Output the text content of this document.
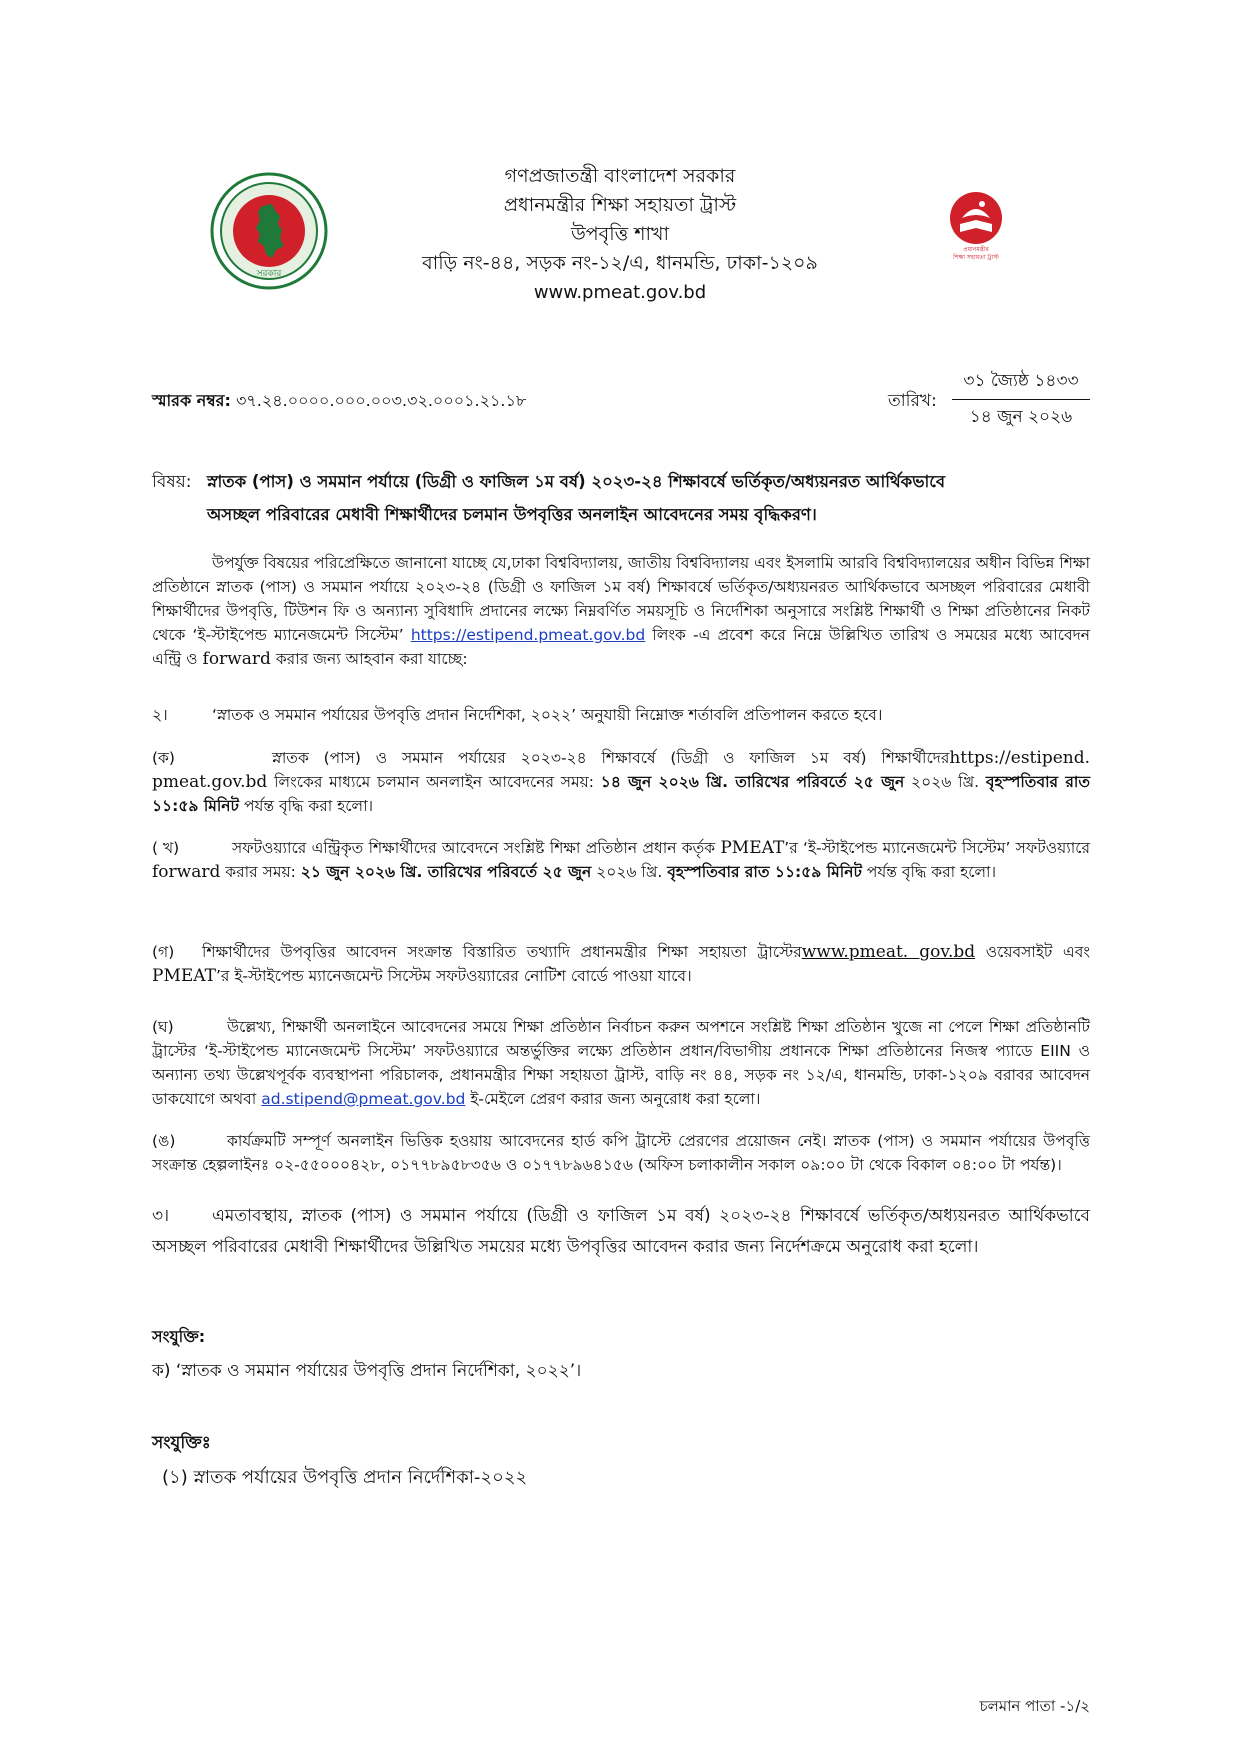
সরকার
প্রধানমন্ত্রীর
শিক্ষা সহায়তা ট্রাস্ট
গণপ্রজাতন্ত্রী বাংলাদেশ সরকার
প্রধানমন্ত্রীর শিক্ষা সহায়তা ট্রাস্ট
উপবৃত্তি শাখা
বাড়ি নং-৪৪, সড়ক নং-১২/এ, ধানমন্ডি, ঢাকা-১২০৯
www.pmeat.gov.bd
স্মারক নম্বর: ৩৭.২৪.০০০০.০০০.০০৩.৩২.০০০১.২১.১৮	তারিখ:
৩১ জ্যৈষ্ঠ ১৪৩৩
১৪ জুন ২০২৬
বিষয়: স্নাতক (পাস) ও সমমান পর্যায়ে (ডিগ্রী ও ফাজিল ১ম বর্ষ) ২০২৩-২৪ শিক্ষাবর্ষে ভর্তিকৃত/অধ্যয়নরত আর্থিকভাবে
অসচ্ছল পরিবারের মেধাবী শিক্ষার্থীদের চলমান উপবৃত্তির অনলাইন আবেদনের সময় বৃদ্ধিকরণ।
উপর্যুক্ত বিষয়ের পরিপ্রেক্ষিতে জানানো যাচ্ছে যে,ঢাকা বিশ্ববিদ্যালয়, জাতীয় বিশ্ববিদ্যালয় এবং ইসলামি আরবি বিশ্ববিদ্যালয়ের অধীন বিভিন্ন শিক্ষা প্রতিষ্ঠানে স্নাতক (পাস) ও সমমান পর্যায়ে ২০২৩-২৪ (ডিগ্রী ও ফাজিল ১ম বর্ষ) শিক্ষাবর্ষে ভর্তিকৃত/অধ্যয়নরত আর্থিকভাবে অসচ্ছল পরিবারের মেধাবী শিক্ষার্থীদের উপবৃত্তি, টিউশন ফি ও অন্যান্য সুবিধাদি প্রদানের লক্ষ্যে নিম্নবর্ণিত সময়সূচি ও নির্দেশিকা অনুসারে সংশ্লিষ্ট শিক্ষার্থী ও শিক্ষা প্রতিষ্ঠানের নিকট থেকে ‘ই-স্টাইপেন্ড ম্যানেজমেন্ট সিস্টেম’ https://estipend.pmeat.gov.bd লিংক -এ প্রবেশ করে নিম্নে উল্লিখিত তারিখ ও সময়ের মধ্যে আবেদন এন্ট্রি ও forward করার জন্য আহবান করা যাচ্ছে:
২।	‘স্নাতক ও সমমান পর্যায়ের উপবৃত্তি প্রদান নির্দেশিকা, ২০২২’ অনুযায়ী নিম্নোক্ত শর্তাবলি প্রতিপালন করতে হবে।
(ক)	স্নাতক (পাস) ও সমমান পর্যায়ের ২০২৩-২৪ শিক্ষাবর্ষে (ডিগ্রী ও ফাজিল ১ম বর্ষ) শিক্ষার্থীদেরhttps://estipend. pmeat.gov.bd লিংকের মাধ্যমে চলমান অনলাইন আবেদনের সময়: ১৪ জুন ২০২৬ খ্রি. তারিখের পরিবর্তে ২৫ জুন ২০২৬ খ্রি. বৃহস্পতিবার রাত ১১:৫৯ মিনিট পর্যন্ত বৃদ্ধি করা হলো।
( খ)	সফটওয়্যারে এন্ট্রিকৃত শিক্ষার্থীদের আবেদনে সংশ্লিষ্ট শিক্ষা প্রতিষ্ঠান প্রধান কর্তৃক PMEAT’র ‘ই-স্টাইপেন্ড ম্যানেজমেন্ট সিস্টেম’ সফটওয়্যারে forward করার সময়: ২১ জুন ২০২৬ খ্রি. তারিখের পরিবর্তে ২৫ জুন ২০২৬ খ্রি. বৃহস্পতিবার রাত ১১:৫৯ মিনিট পর্যন্ত বৃদ্ধি করা হলো।
(গ) শিক্ষার্থীদের উপবৃত্তির আবেদন সংক্রান্ত বিস্তারিত তথ্যাদি প্রধানমন্ত্রীর শিক্ষা সহায়তা ট্রাস্টেরwww.pmeat. gov.bd ওয়েবসাইট এবং PMEAT’র ই-স্টাইপেন্ড ম্যানেজমেন্ট সিস্টেম সফটওয়্যারের নোটিশ বোর্ডে পাওয়া যাবে।
(ঘ)	উল্লেখ্য, শিক্ষার্থী অনলাইনে আবেদনের সময়ে শিক্ষা প্রতিষ্ঠান নির্বাচন করুন অপশনে সংশ্লিষ্ট শিক্ষা প্রতিষ্ঠান খুজে না পেলে শিক্ষা প্রতিষ্ঠানটি ট্রাস্টের ‘ই-স্টাইপেন্ড ম্যানেজমেন্ট সিস্টেম’ সফটওয়্যারে অন্তর্ভুক্তির লক্ষ্যে প্রতিষ্ঠান প্রধান/বিভাগীয় প্রধানকে শিক্ষা প্রতিষ্ঠানের নিজস্ব প্যাডে EIIN ও অন্যান্য তথ্য উল্লেখপূর্বক ব্যবস্থাপনা পরিচালক, প্রধানমন্ত্রীর শিক্ষা সহায়তা ট্রাস্ট, বাড়ি নং ৪৪, সড়ক নং ১২/এ, ধানমন্ডি, ঢাকা-১২০৯ বরাবর আবেদন ডাকযোগে অথবা ad.stipend@pmeat.gov.bd ই-মেইলে প্রেরণ করার জন্য অনুরোধ করা হলো।
(ঙ)	কার্যক্রমটি সম্পূর্ণ অনলাইন ভিত্তিক হওয়ায় আবেদনের হার্ড কপি ট্রাস্টে প্রেরণের প্রয়োজন নেই। স্নাতক (পাস) ও সমমান পর্যায়ের উপবৃত্তি সংক্রান্ত হেল্পলাইনঃ ০২-৫৫০০০৪২৮, ০১৭৭৮৯৫৮৩৫৬ ও ০১৭৭৮৯৬৪১৫৬ (অফিস চলাকালীন সকাল ০৯:০০ টা থেকে বিকাল ০৪:০০ টা পর্যন্ত)।
৩।	এমতাবস্থায়, স্নাতক (পাস) ও সমমান পর্যায়ে (ডিগ্রী ও ফাজিল ১ম বর্ষ) ২০২৩-২৪ শিক্ষাবর্ষে ভর্তিকৃত/অধ্যয়নরত আর্থিকভাবে অসচ্ছল পরিবারের মেধাবী শিক্ষার্থীদের উল্লিখিত সময়ের মধ্যে উপবৃত্তির আবেদন করার জন্য নির্দেশক্রমে অনুরোধ করা হলো।
সংযুক্তি:
ক) ‘স্নাতক ও সমমান পর্যায়ের উপবৃত্তি প্রদান নির্দেশিকা, ২০২২’।
সংযুক্তিঃ
(১) স্নাতক পর্যায়ের উপবৃত্তি প্রদান নির্দেশিকা-২০২২
চলমান পাতা -১/২
